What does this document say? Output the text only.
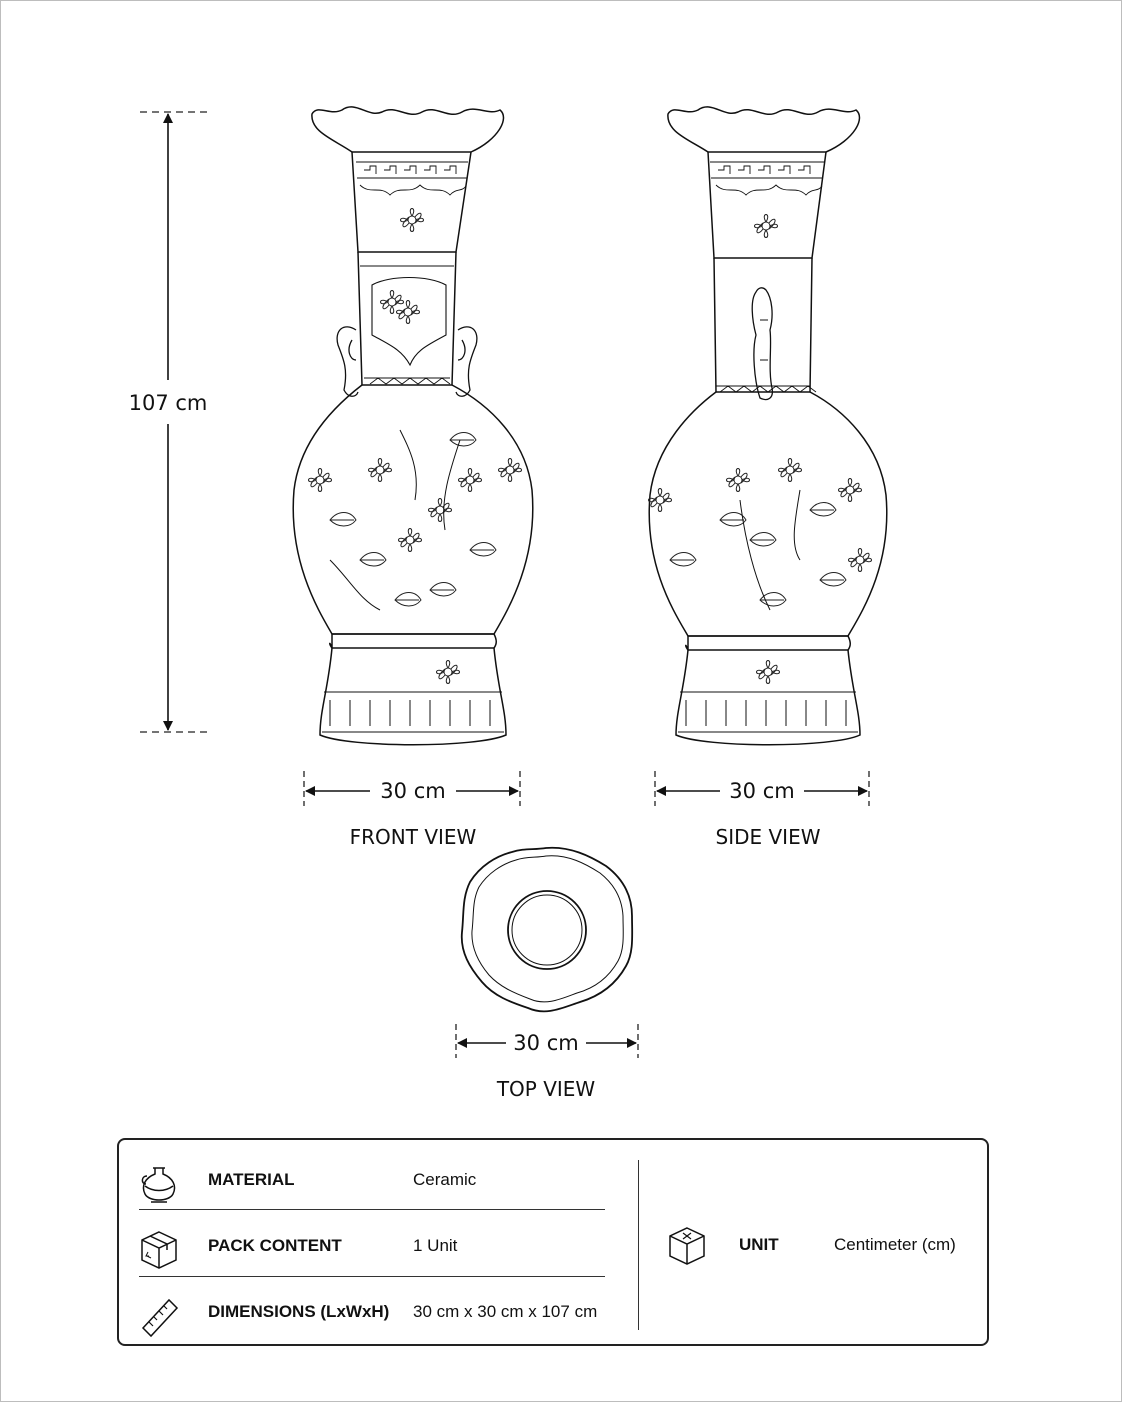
107 cm
30 cm
FRONT VIEW
30 cm
SIDE VIEW
30 cm
TOP VIEW
MATERIAL	Ceramic
PACK CONTENT	1 Unit
DIMENSIONS (LxWxH) 30 cm x 30 cm x 107 cm
UNIT	Centimeter (cm)
